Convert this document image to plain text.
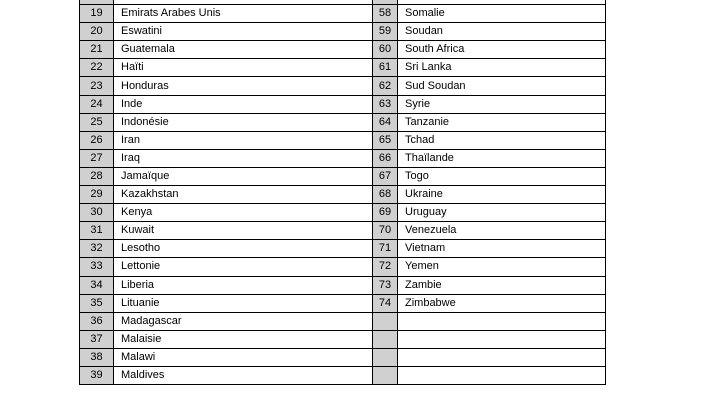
19	Emirats Arabes Unis	58	Somalie
20	Eswatini	59	Soudan
21	Guatemala	60	South Africa
22	Haïti	61	Sri Lanka
23	Honduras	62	Sud Soudan
24	Inde	63	Syrie
25	Indonésie	64	Tanzanie
26	Iran	65	Tchad
27	Iraq	66	Thaïlande
28	Jamaïque	67	Togo
29	Kazakhstan	68	Ukraine
30	Kenya	69	Uruguay
31	Kuwait	70	Venezuela
32	Lesotho	71	Vietnam
33	Lettonie	72	Yemen
34	Liberia	73	Zambie
35	Lituanie	74	Zimbabwe
36	Madagascar		
37	Malaisie		
38	Malawi		
39	Maldives		
